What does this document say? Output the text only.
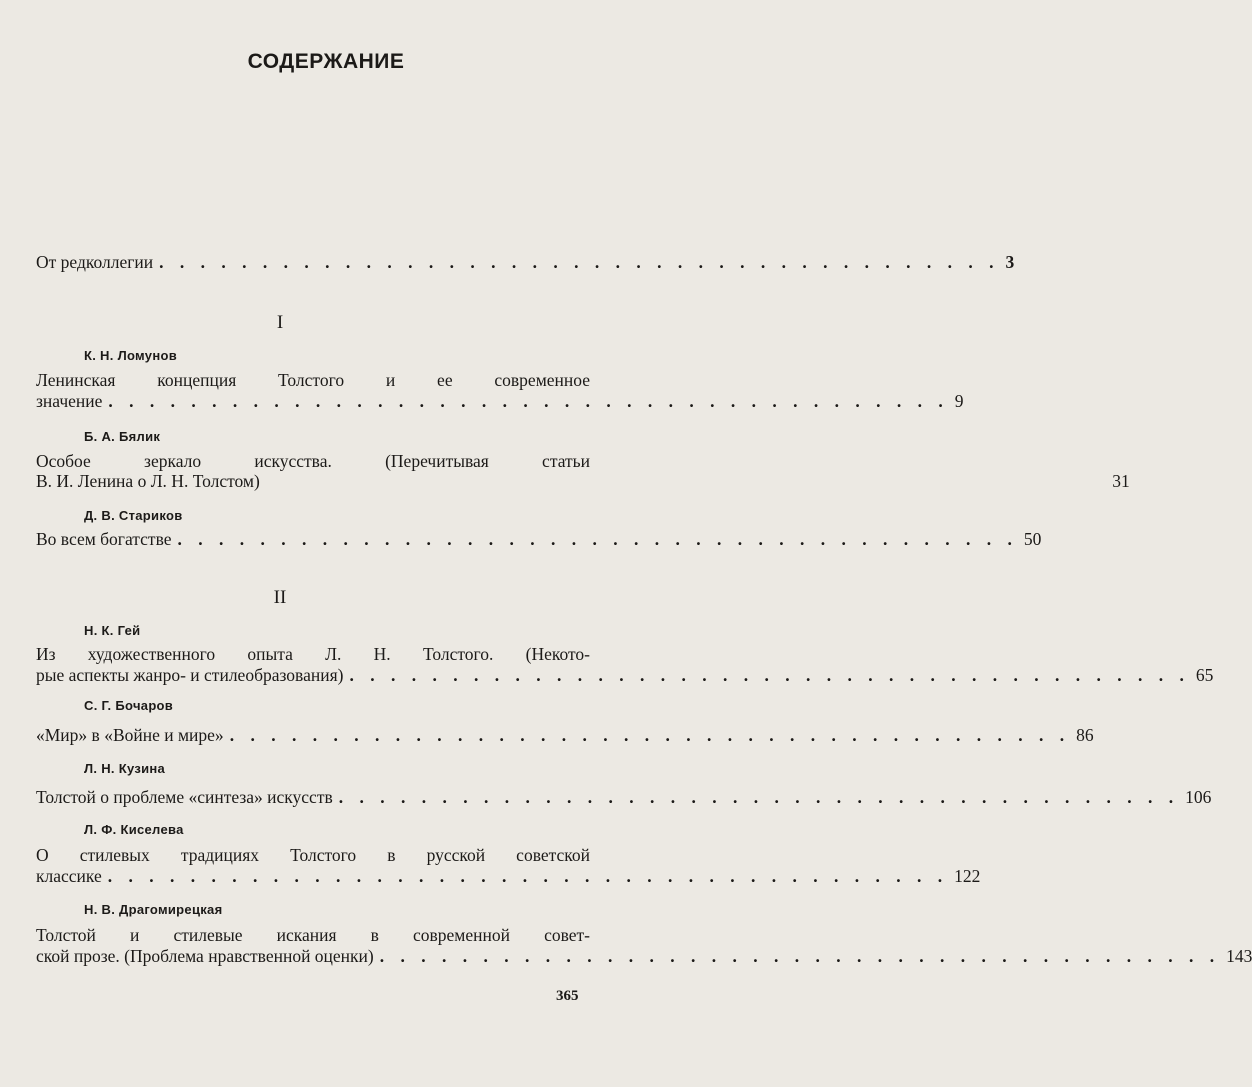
СОДЕРЖАНИЕ
От редколлегии . . . . . . . . . . . . . . . . . . . . . . . . . . . . . . . . . . . . . . . . . 3
I
К. Н. Ломунов
Ленинская концепция Толстого и ее современное
значение . . . . . . . . . . . . . . . . . . . . . . . . . . . . . . . . . . . . . . . . . 9
Б. А. Бялик
Особое зеркало искусства. (Перечитывая статьи
В. И. Ленина о Л. Н. Толстом)	31
Д. В. Стариков
Во всем богатстве . . . . . . . . . . . . . . . . . . . . . . . . . . . . . . . . . . . . . . . . . 50
II
Н. К. Гей
Из художественного опыта Л. Н. Толстого. (Некото-
рые аспекты жанро- и стилеобразования) . . . . . . . . . . . . . . . . . . . . . . . . . . . . . . . . . . . . . . . . . 65
С. Г. Бочаров
«Мир» в «Войне и мире» . . . . . . . . . . . . . . . . . . . . . . . . . . . . . . . . . . . . . . . . . 86
Л. Н. Кузина
Толстой о проблеме «синтеза» искусств . . . . . . . . . . . . . . . . . . . . . . . . . . . . . . . . . . . . . . . . . 106
Л. Ф. Киселева
О стилевых традициях Толстого в русской советской
классике . . . . . . . . . . . . . . . . . . . . . . . . . . . . . . . . . . . . . . . . . 122
Н. В. Драгомирецкая
Толстой и стилевые искания в современной совет-
ской прозе. (Проблема нравственной оценки) . . . . . . . . . . . . . . . . . . . . . . . . . . . . . . . . . . . . . . . . . 143
365
